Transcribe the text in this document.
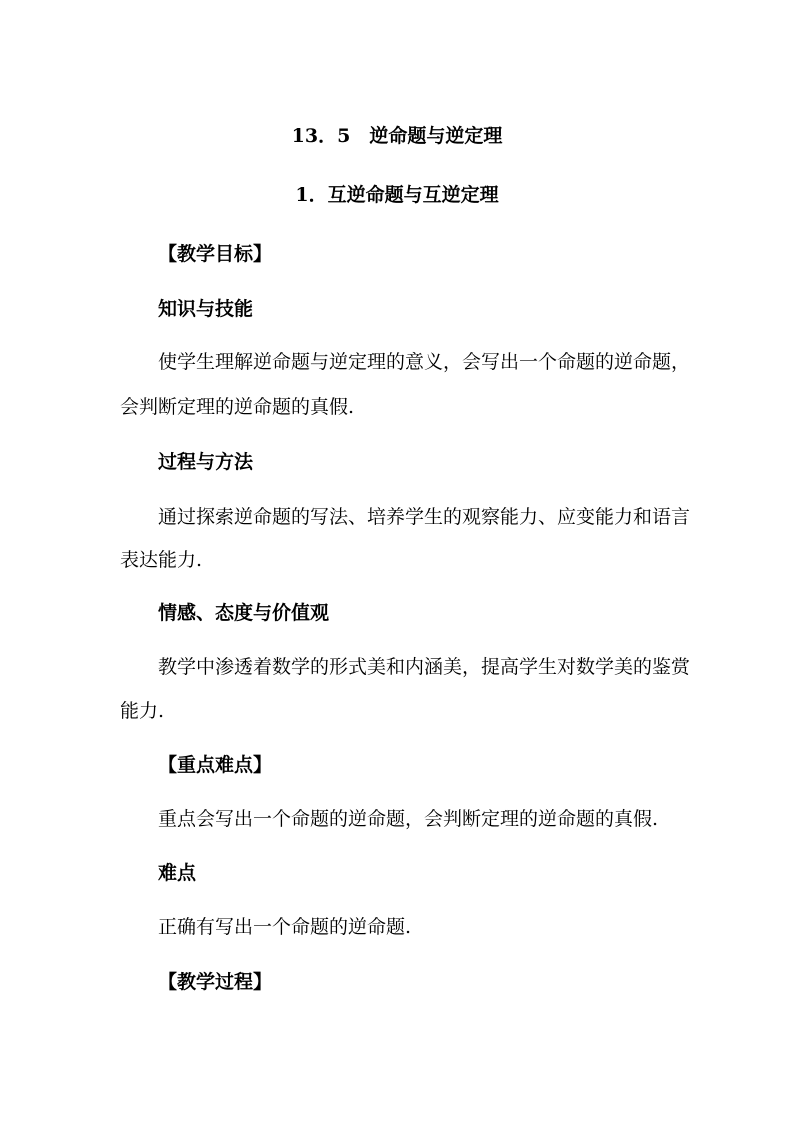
13．5　逆命题与逆定理
1．互逆命题与互逆定理
【教学目标】
知识与技能
使学生理解逆命题与逆定理的意义，会写出一个命题的逆命题，
会判断定理的逆命题的真假.
过程与方法
通过探索逆命题的写法、培养学生的观察能力、应变能力和语言
表达能力.
情感、态度与价值观
教学中渗透着数学的形式美和内涵美，提高学生对数学美的鉴赏
能力.
【重点难点】
重点会写出一个命题的逆命题，会判断定理的逆命题的真假.
难点
正确有写出一个命题的逆命题.
【教学过程】
